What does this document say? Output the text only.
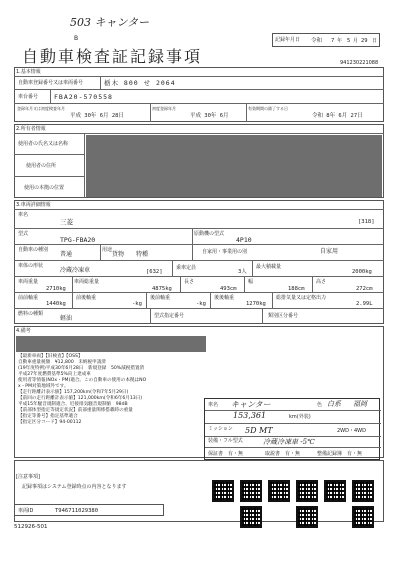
503 キャンター
B
自動車検査証記録事項
記録年月日 令和 7 年 5 月 29 日
941230221088
1.基本情報
自動車登録番号又は車両番号	栃木 800 せ 2064
車台番号 FBA20-570558
登録年月又は初度検査年月
平成 30年 6月 28日
初度登録年月
平成 30年 6月
有効期間の満了する日
令和 8年 6月 27日
2.所有者情報
使用者の氏名又は名称
使用者の住所
使用の本拠の位置
3.車両詳細情報
車名
三菱	[318]
型式
TPG-FBA20
原動機の型式
4P10
自動車の種別
普通
用途
貨物 特種	自家用・事業用の別	自家用
車体の形状
冷蔵冷凍車	[632]
乗車定員
3人
最大積載量
2000kg
車両重量
2710kg
車両総重量
4875kg
長さ
493cm
幅
188cm
高さ
272cm
前前軸重
1440kg
前後軸重
-kg
後前軸重
-kg
後後軸重
1270kg
総排気量又は定格出力
2.99L
燃料の種類
軽油	型式指定番号	類別区分番号
4.備考
【最新車両】【旧検査】【OSS】
自動車重量税額　¥12,800　未納税申請済
(19年度特例)平成30年6月28日　新規登録　50%減税措置済
平成27年度燃費基準5%向上達成車
使用者等情報(NOx・PM)適合。この自動車の使用の本拠はNO
x・PM対策地域外です。
【走行距離計表示値】157,200km(令和7年5月29日)
【前回の走行距離計表示値】121,000km(令和6年6月13日)
平成15年騒音規制適合、近接排気騒音規制値　98dB
【前部体型指定等規定状況】前部重量関係搭載時の重量
【指定等番号】指定基準適合
【指定区分コード】94-00112
車名 キャンター	色 白系 福岡
153,361	km(外装)
ミッション 5D MT	2WD・4WD
装備・フル型式	冷蔵冷凍車 -5℃
保証書　有・無	取説書　有・無	整備記録簿　有・無
[注意事項]
記録事項はシステム登録時点の内容となります
車両ID	T946711029380
512926-501
